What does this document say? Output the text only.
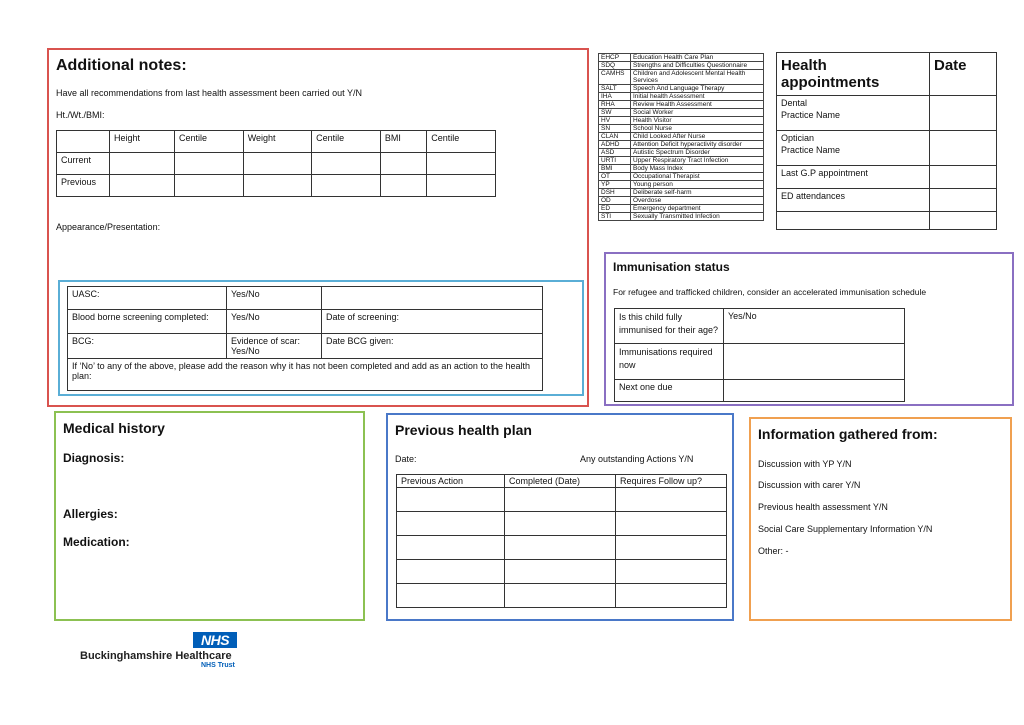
Additional notes:
Have all recommendations from last health assessment been carried out Y/N
Ht./Wt./BMI:
	Height	Centile	Weight	Centile	BMI	Centile
Current						
Previous						
Appearance/Presentation:
UASC:	Yes/No	
Blood borne screening completed:	Yes/No	Date of screening:
BCG:	Evidence of scar: Yes/No	Date BCG given:
If ‘No’ to any of the above, please add the reason why it has not been completed and add as an action to the health plan:		
EHCP	Education Health Care Plan
SDQ	Strengths and Difficulties Questionnaire
CAMHS	Children and Adolescent Mental Health Services
SALT	Speech And Language Therapy
IHA	Initial health Assessment
RHA	Review Health Assessment
SW	Social Worker
HV	Health Visitor
SN	School Nurse
CLAN	Child Looked After Nurse
ADHD	Attention Deficit hyperactivity disorder
ASD	Autistic Spectrum Disorder
URTI	Upper Respiratory Tract Infection
BMI	Body Mass Index
OT	Occupational Therapist
YP	Young person
DSH	Deliberate self-harm
OD	Overdose
ED	Emergency department
STI	Sexually Transmitted Infection
Health appointments	Date

Dental
Practice Name	

Optician
Practice Name	

Last G.P appointment	
ED attendances	

Immunisation status
For refugee and trafficked children, consider an accelerated immunisation schedule
Is this child fully immunised for their age?	Yes/No
Immunisations required now	
Next one due	
Medical history
Diagnosis:
Allergies:
Medication:
Previous health plan
Date:	Any outstanding Actions Y/N
Previous Action	Completed (Date)	Requires Follow up?

Information gathered from:
Discussion with YP Y/N
Discussion with carer Y/N
Previous health assessment Y/N
Social Care Supplementary Information Y/N
Other: -
NHS
Buckinghamshire Healthcare
NHS Trust
